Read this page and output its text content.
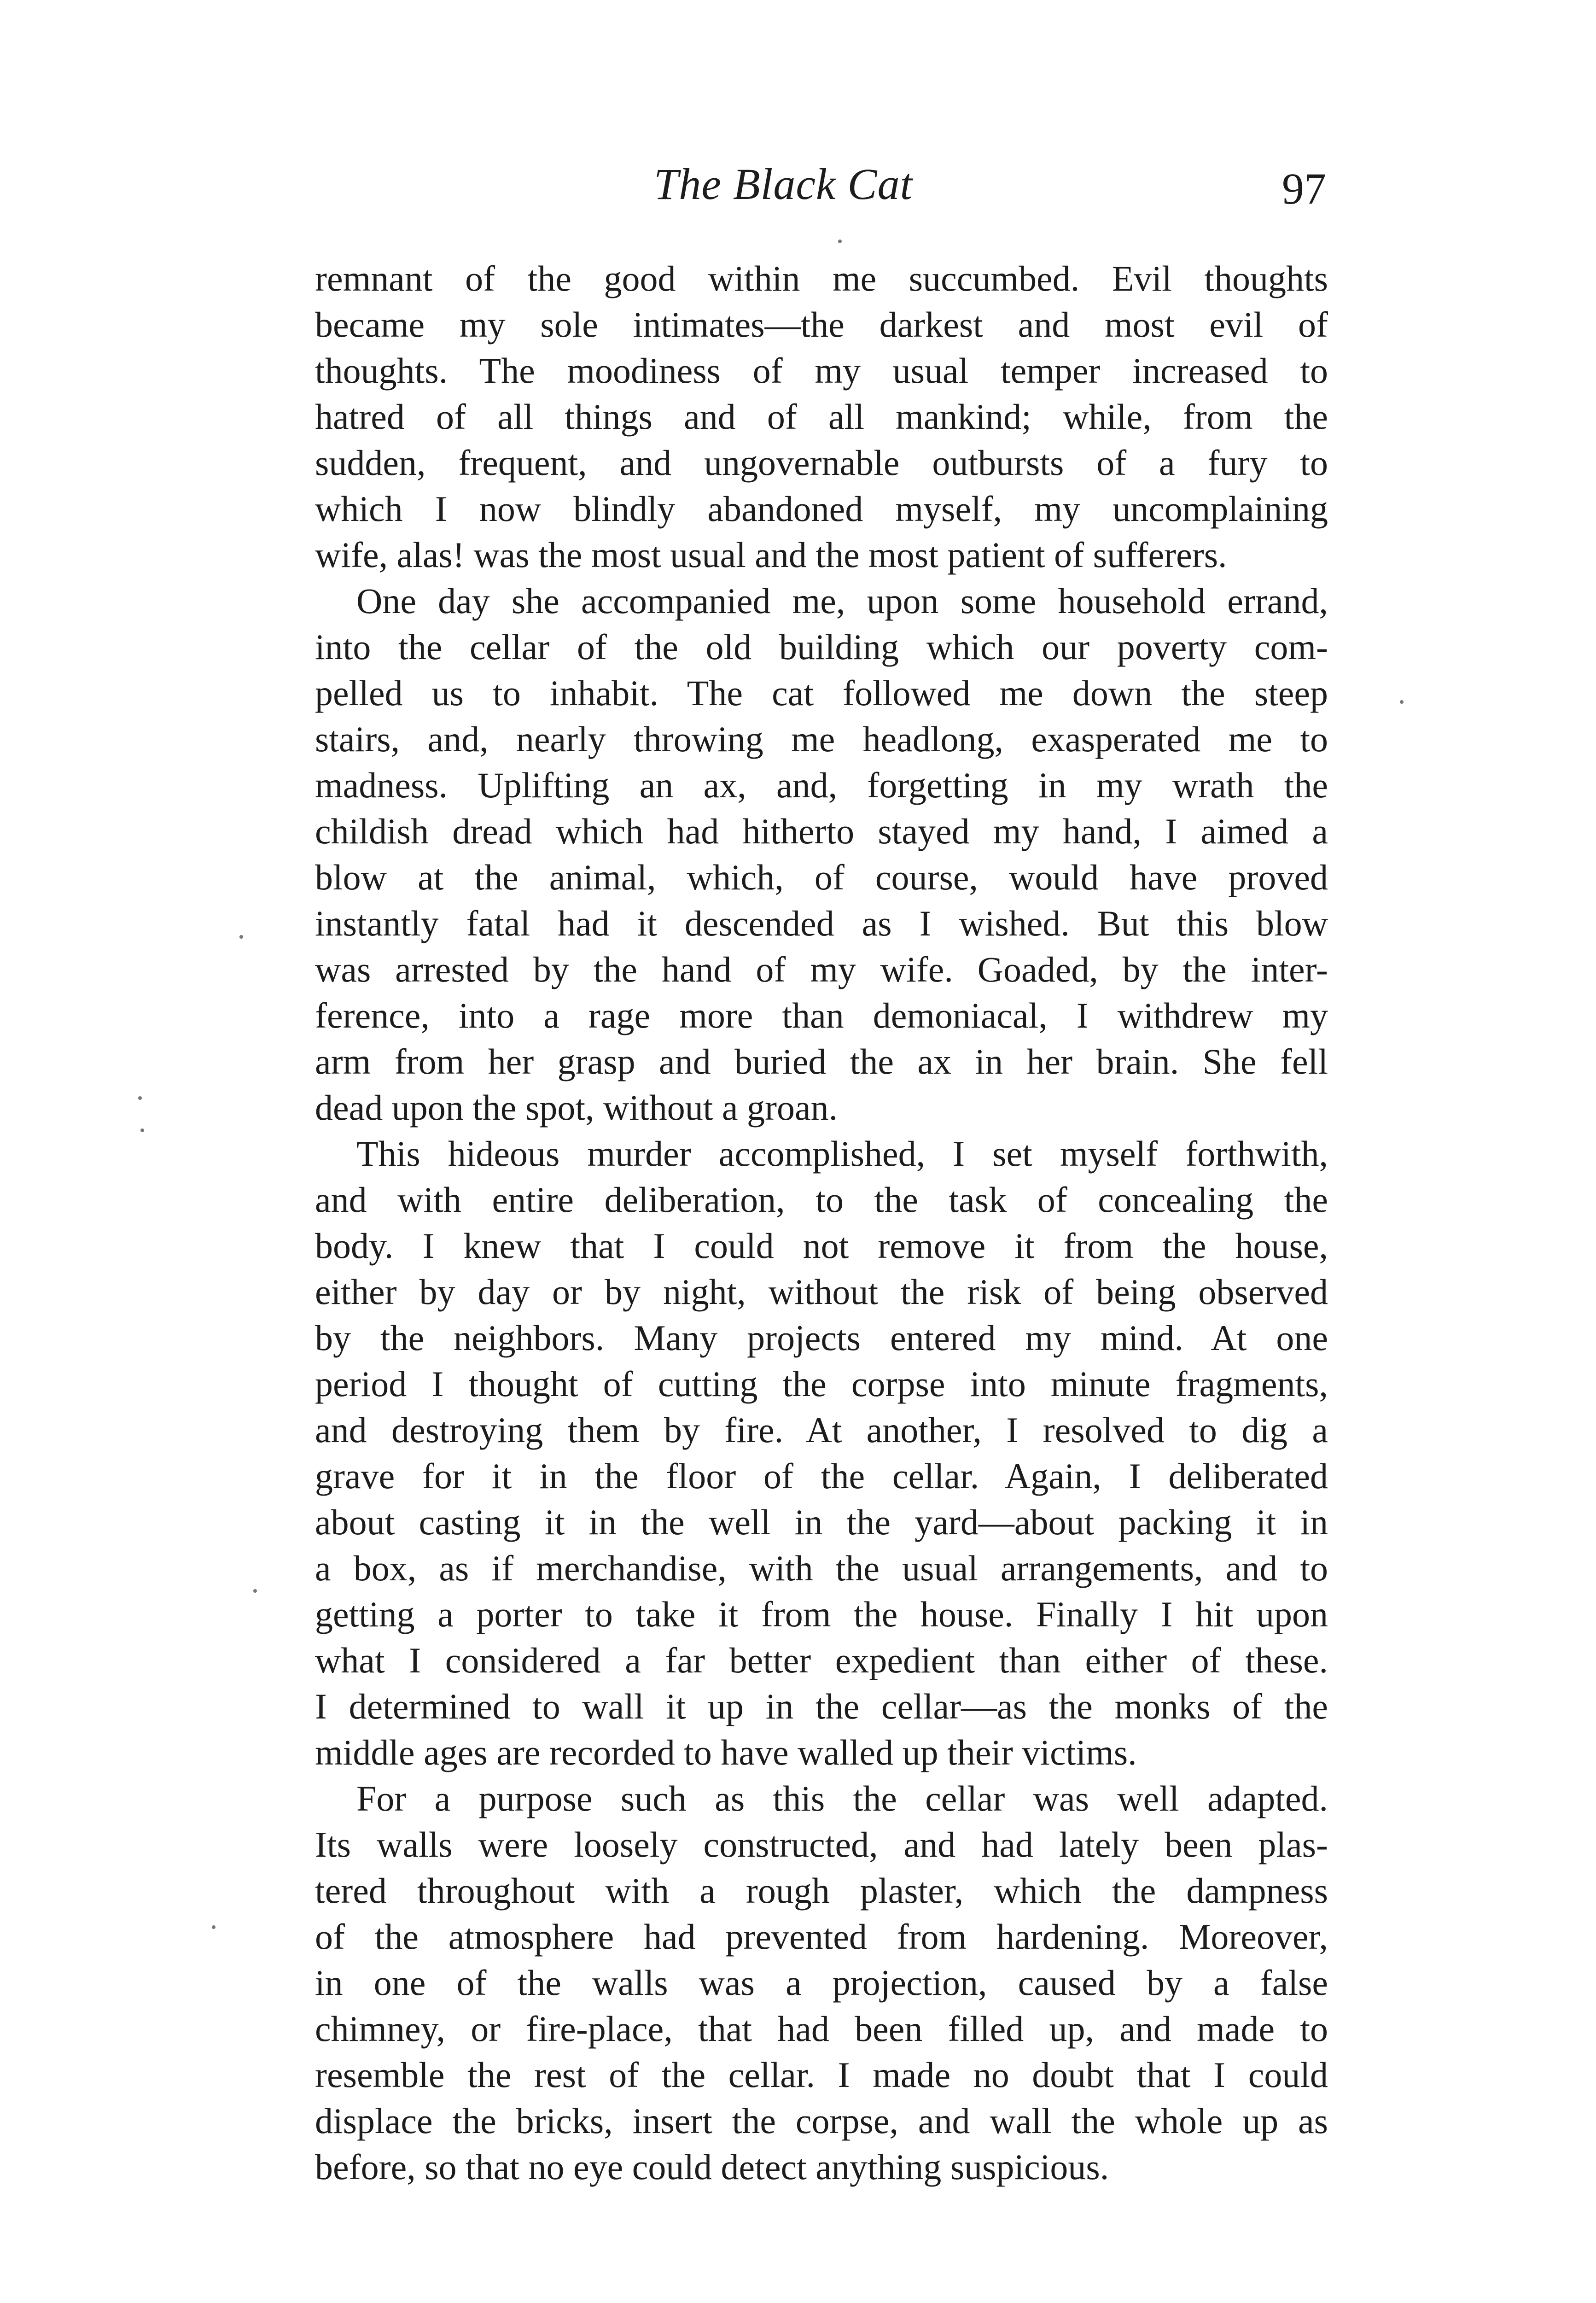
The Black Cat	97
remnant of the good within me succumbed. Evil thoughts
became my sole intimates—the darkest and most evil of
thoughts. The moodiness of my usual temper increased to
hatred of all things and of all mankind; while, from the
sudden, frequent, and ungovernable outbursts of a fury to
which I now blindly abandoned myself, my uncomplaining
wife, alas! was the most usual and the most patient of sufferers.
One day she accompanied me, upon some household errand,
into the cellar of the old building which our poverty com-
pelled us to inhabit. The cat followed me down the steep
stairs, and, nearly throwing me headlong, exasperated me to
madness. Uplifting an ax, and, forgetting in my wrath the
childish dread which had hitherto stayed my hand, I aimed a
blow at the animal, which, of course, would have proved
instantly fatal had it descended as I wished. But this blow
was arrested by the hand of my wife. Goaded, by the inter-
ference, into a rage more than demoniacal, I withdrew my
arm from her grasp and buried the ax in her brain. She fell
dead upon the spot, without a groan.
This hideous murder accomplished, I set myself forthwith,
and with entire deliberation, to the task of concealing the
body. I knew that I could not remove it from the house,
either by day or by night, without the risk of being observed
by the neighbors. Many projects entered my mind. At one
period I thought of cutting the corpse into minute fragments,
and destroying them by fire. At another, I resolved to dig a
grave for it in the floor of the cellar. Again, I deliberated
about casting it in the well in the yard—about packing it in
a box, as if merchandise, with the usual arrangements, and to
getting a porter to take it from the house. Finally I hit upon
what I considered a far better expedient than either of these.
I determined to wall it up in the cellar—as the monks of the
middle ages are recorded to have walled up their victims.
For a purpose such as this the cellar was well adapted.
Its walls were loosely constructed, and had lately been plas-
tered throughout with a rough plaster, which the dampness
of the atmosphere had prevented from hardening. Moreover,
in one of the walls was a projection, caused by a false
chimney, or fire-place, that had been filled up, and made to
resemble the rest of the cellar. I made no doubt that I could
displace the bricks, insert the corpse, and wall the whole up as
before, so that no eye could detect anything suspicious.
